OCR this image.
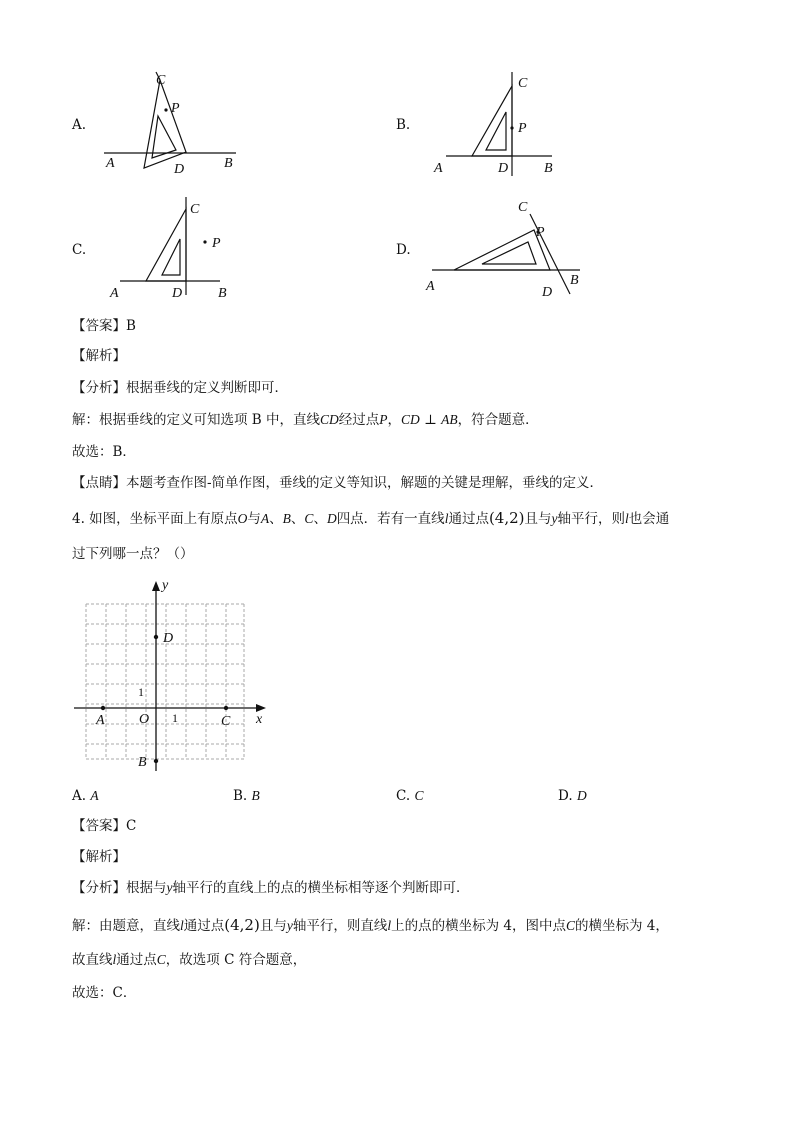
A.
A	B
C
D
P
B.
A	B
C
D
P
C.
A	B
C
D
P	D.
A	B
C
D
P
【答案】B
【解析】
【分析】根据垂线的定义判断即可．
解：根据垂线的定义可知选项 B 中，直线CD经过点P，CD ⊥ AB，符合题意．
故选：B．
【点睛】本题考查作图-简单作图，垂线的定义等知识，解题的关键是理解，垂线的定义．
4. 如图，坐标平面上有原点O与A、B、C、D四点．若有一直线l通过点(4,2)且与y轴平行，则l也会通
过下列哪一点？（）
A	C
D
B
O	x
y
1
1
A. A	B. B	C. C	D. D
【答案】C
【解析】
【分析】根据与y轴平行的直线上的点的横坐标相等逐个判断即可．
解：由题意，直线l通过点(4,2)且与y轴平行，则直线l上的点的横坐标为 4，图中点C的横坐标为 4，
故直线l通过点C，故选项 C 符合题意，
故选：C．
